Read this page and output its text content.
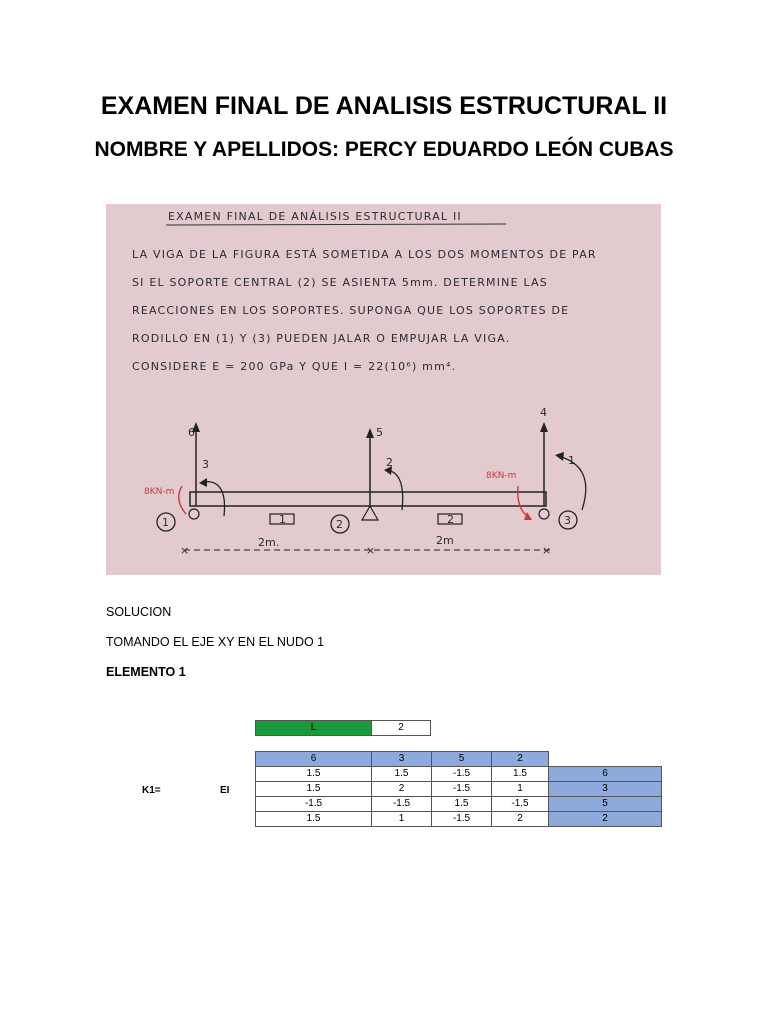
EXAMEN FINAL DE ANALISIS ESTRUCTURAL II
NOMBRE Y APELLIDOS: PERCY EDUARDO LEÓN CUBAS
EXAMEN FINAL DE ANÁLISIS ESTRUCTURAL II
LA VIGA DE LA FIGURA ESTÁ SOMETIDA A LOS DOS MOMENTOS DE PAR
SI EL SOPORTE CENTRAL (2) SE ASIENTA 5mm. DETERMINE LAS
REACCIONES EN LOS SOPORTES. SUPONGA QUE LOS SOPORTES DE
RODILLO EN (1) Y (3) PUEDEN JALAR O EMPUJAR LA VIGA.
CONSIDERE E = 200 GPa Y QUE I = 22(10⁶) mm⁴.
6	5
4
3	2	1
8KN-m
8KN-m
1	2	3
1	2
×	×	×
2m.	2m
SOLUCION
TOMANDO EL EJE XY EN EL NUDO 1
ELEMENTO 1
L	2
6	3	5	2
K1=	EI
1.5	1.5	-1.5	1.5	6
1.5	2	-1.5	1	3
-1.5	-1.5	1.5	-1.5	5
1.5	1	-1.5	2	2
